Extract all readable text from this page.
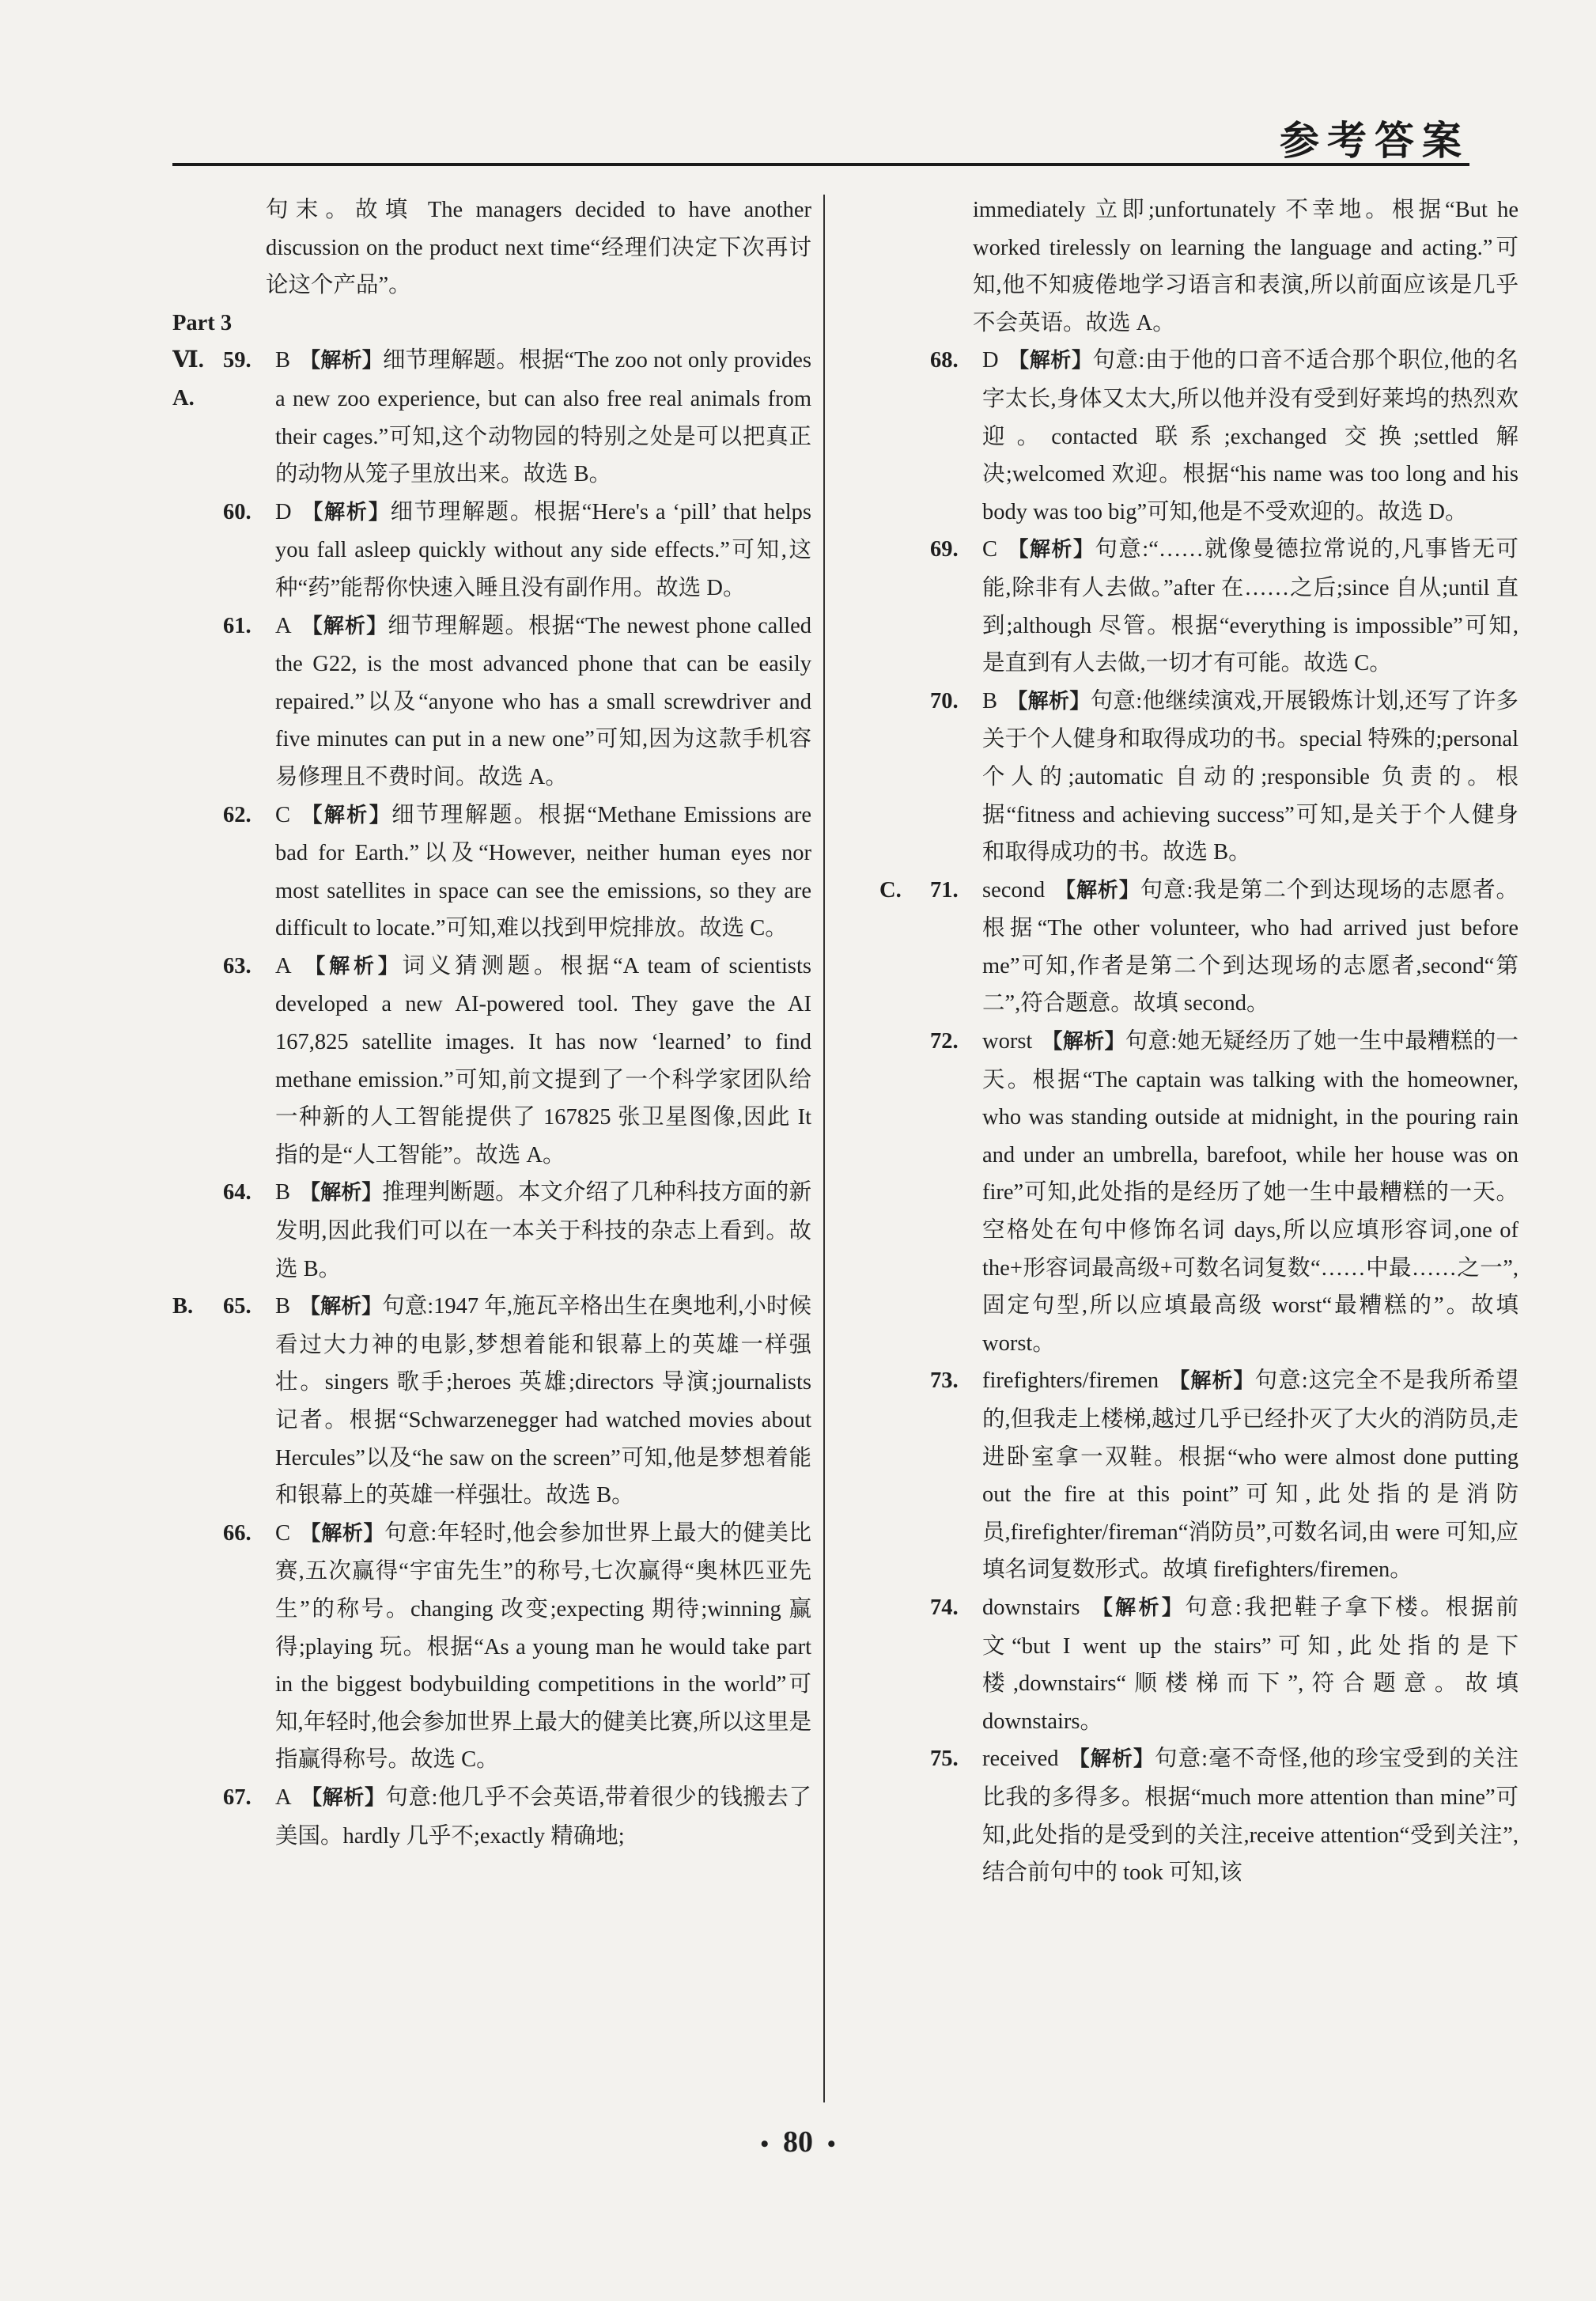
参考答案
句末。故填 The managers decided to have another discussion on the product next time“经理们决定下次再讨论这个产品”。
Part 3
Ⅵ. A.
59.	B 【解析】细节理解题。根据“The zoo not only provides a new zoo experience, but can also free real animals from their cages.”可知,这个动物园的特别之处是可以把真正的动物从笼子里放出来。故选 B。
60.	D 【解析】细节理解题。根据“Here's a ‘pill’ that helps you fall asleep quickly without any side effects.”可知,这种“药”能帮你快速入睡且没有副作用。故选 D。
61.	A 【解析】细节理解题。根据“The newest phone called the G22, is the most advanced phone that can be easily repaired.”以及“anyone who has a small screwdriver and five minutes can put in a new one”可知,因为这款手机容易修理且不费时间。故选 A。
62.	C 【解析】细节理解题。根据“Methane Emissions are bad for Earth.”以及“However, neither human eyes nor most satellites in space can see the emissions, so they are difficult to locate.”可知,难以找到甲烷排放。故选 C。
63.	A 【解析】词义猜测题。根据“A team of scientists developed a new AI-powered tool. They gave the AI 167,825 satellite images. It has now ‘learned’ to find methane emission.”可知,前文提到了一个科学家团队给一种新的人工智能提供了 167825 张卫星图像,因此 It 指的是“人工智能”。故选 A。
64.	B 【解析】推理判断题。本文介绍了几种科技方面的新发明,因此我们可以在一本关于科技的杂志上看到。故选 B。
B.	65.	B 【解析】句意:1947 年,施瓦辛格出生在奥地利,小时候看过大力神的电影,梦想着能和银幕上的英雄一样强壮。singers 歌手;heroes 英雄;directors 导演;journalists 记者。根据“Schwarzenegger had watched movies about Hercules”以及“he saw on the screen”可知,他是梦想着能和银幕上的英雄一样强壮。故选 B。
66.	C 【解析】句意:年轻时,他会参加世界上最大的健美比赛,五次赢得“宇宙先生”的称号,七次赢得“奥林匹亚先生”的称号。changing 改变;expecting 期待;winning 赢得;playing 玩。根据“As a young man he would take part in the biggest bodybuilding competitions in the world”可知,年轻时,他会参加世界上最大的健美比赛,所以这里是指赢得称号。故选 C。
67.	A 【解析】句意:他几乎不会英语,带着很少的钱搬去了美国。hardly 几乎不;exactly 精确地;
immediately 立即;unfortunately 不幸地。根据“But he worked tirelessly on learning the language and acting.”可知,他不知疲倦地学习语言和表演,所以前面应该是几乎不会英语。故选 A。
68.	D 【解析】句意:由于他的口音不适合那个职位,他的名字太长,身体又太大,所以他并没有受到好莱坞的热烈欢迎。contacted 联系;exchanged 交换;settled 解决;welcomed 欢迎。根据“his name was too long and his body was too big”可知,他是不受欢迎的。故选 D。
69.	C 【解析】句意:“……就像曼德拉常说的,凡事皆无可能,除非有人去做。”after 在……之后;since 自从;until 直到;although 尽管。根据“everything is impossible”可知,是直到有人去做,一切才有可能。故选 C。
70.	B 【解析】句意:他继续演戏,开展锻炼计划,还写了许多关于个人健身和取得成功的书。special 特殊的;personal 个人的;automatic 自动的;responsible 负责的。根据“fitness and achieving success”可知,是关于个人健身和取得成功的书。故选 B。
C.	71.	second 【解析】句意:我是第二个到达现场的志愿者。根据“The other volunteer, who had arrived just before me”可知,作者是第二个到达现场的志愿者,second“第二”,符合题意。故填 second。
72.	worst 【解析】句意:她无疑经历了她一生中最糟糕的一天。根据“The captain was talking with the homeowner, who was standing outside at midnight, in the pouring rain and under an umbrella, barefoot, while her house was on fire”可知,此处指的是经历了她一生中最糟糕的一天。空格处在句中修饰名词 days,所以应填形容词,one of the+形容词最高级+可数名词复数“……中最……之一”,固定句型,所以应填最高级 worst“最糟糕的”。故填 worst。
73.	firefighters/firemen 【解析】句意:这完全不是我所希望的,但我走上楼梯,越过几乎已经扑灭了大火的消防员,走进卧室拿一双鞋。根据“who were almost done putting out the fire at this point”可知,此处指的是消防员,firefighter/fireman“消防员”,可数名词,由 were 可知,应填名词复数形式。故填 firefighters/firemen。
74.	downstairs 【解析】句意:我把鞋子拿下楼。根据前文“but I went up the stairs”可知,此处指的是下楼,downstairs“顺楼梯而下”,符合题意。故填 downstairs。
75.	received 【解析】句意:毫不奇怪,他的珍宝受到的关注比我的多得多。根据“much more attention than mine”可知,此处指的是受到的关注,receive attention“受到关注”,结合前句中的 took 可知,该
• 80 •
